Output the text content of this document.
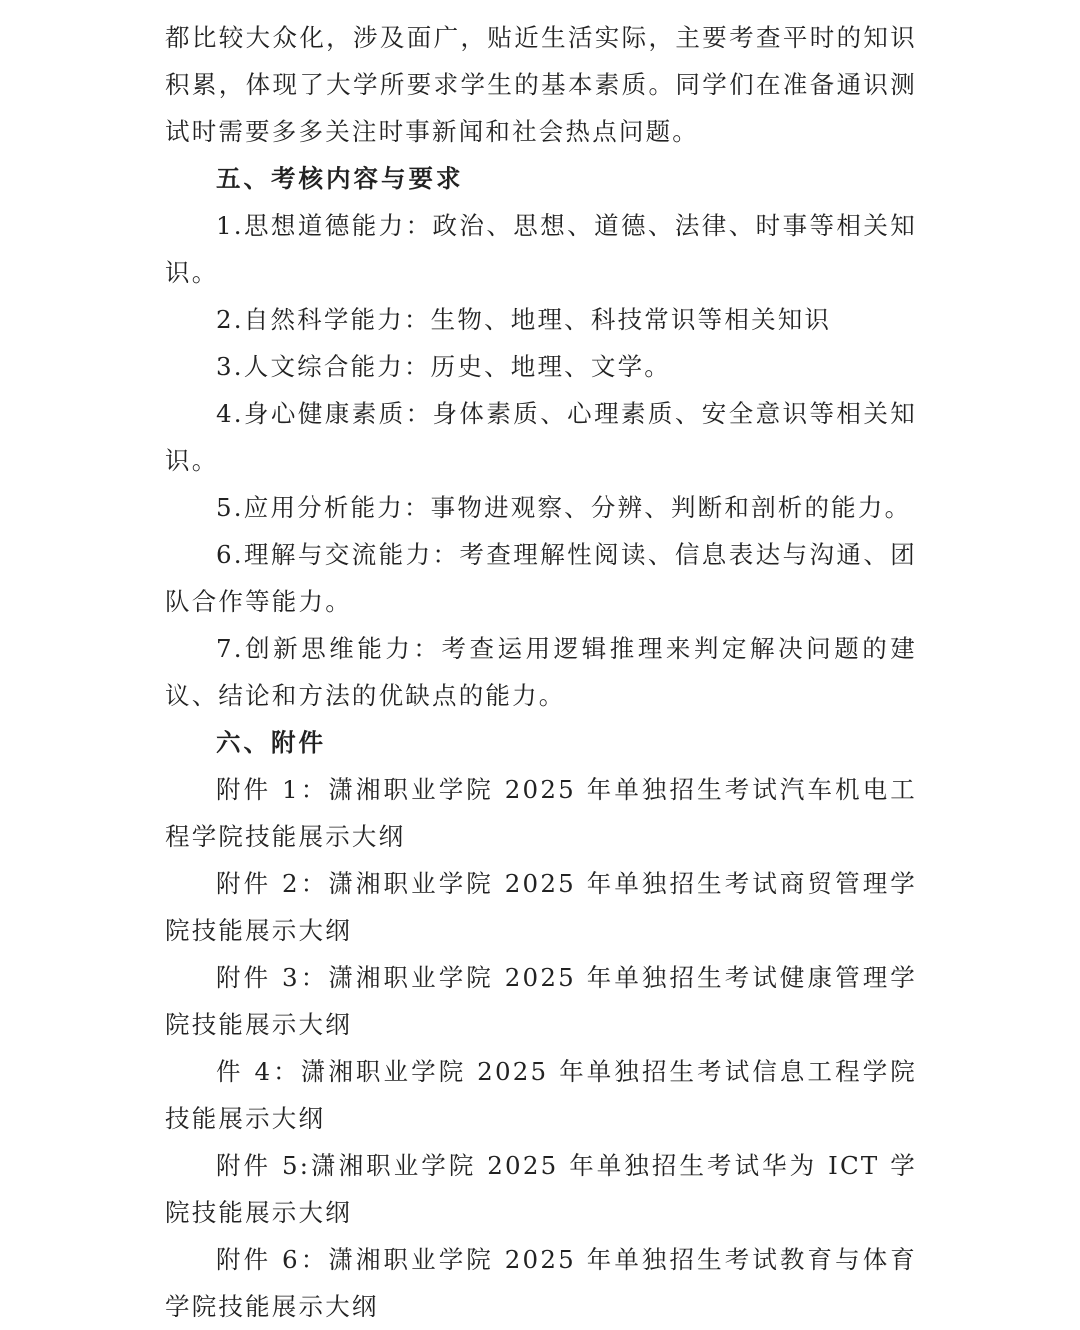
都比较大众化，涉及面广，贴近生活实际，主要考查平时的知识积累，体现了大学所要求学生的基本素质。同学们在准备通识测试时需要多多关注时事新闻和社会热点问题。

五、考核内容与要求

1.思想道德能力：政治、思想、道德、法律、时事等相关知识。

2.自然科学能力：生物、地理、科技常识等相关知识

3.人文综合能力：历史、地理、文学。

4.身心健康素质：身体素质、心理素质、安全意识等相关知识。

5.应用分析能力：事物进观察、分辨、判断和剖析的能力。

6.理解与交流能力：考查理解性阅读、信息表达与沟通、团队合作等能力。

7.创新思维能力：考查运用逻辑推理来判定解决问题的建议、结论和方法的优缺点的能力。

六、附件

附件 1：潇湘职业学院 2025 年单独招生考试汽车机电工程学院技能展示大纲

附件 2：潇湘职业学院 2025 年单独招生考试商贸管理学院技能展示大纲

附件 3：潇湘职业学院 2025 年单独招生考试健康管理学院技能展示大纲

件 4：潇湘职业学院 2025 年单独招生考试信息工程学院技能展示大纲

附件 5:潇湘职业学院 2025 年单独招生考试华为 ICT 学院技能展示大纲

附件 6：潇湘职业学院 2025 年单独招生考试教育与体育学院技能展示大纲
